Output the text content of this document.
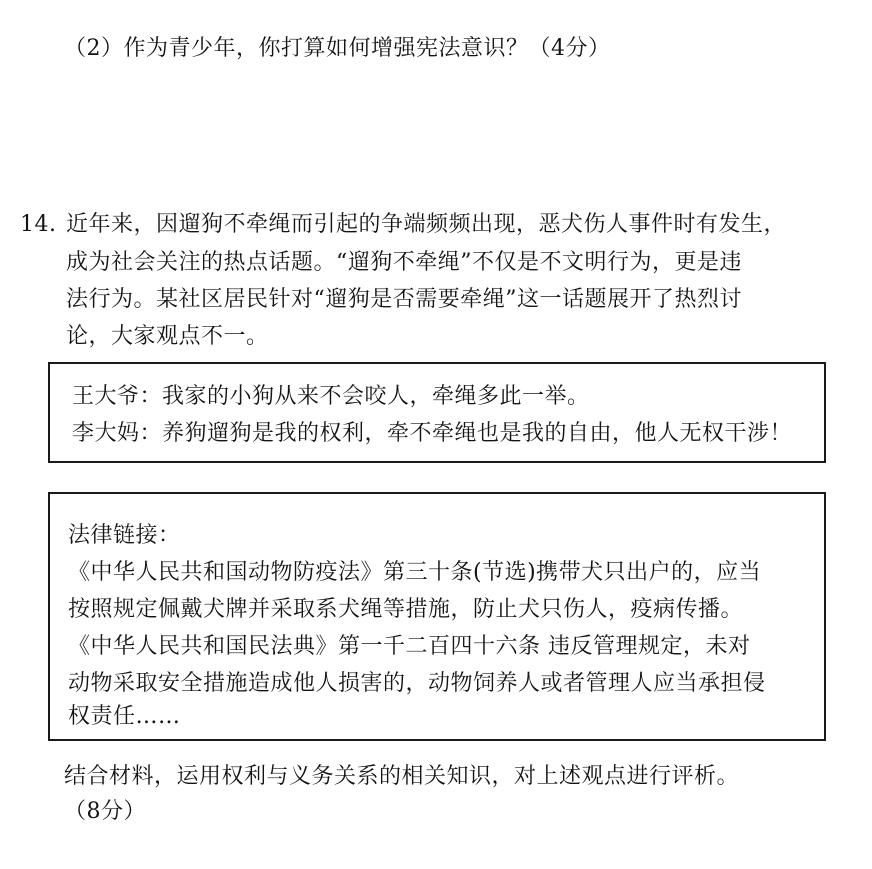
（2）作为青少年，你打算如何增强宪法意识？（4分）
14. 近年来，因遛狗不牵绳而引起的争端频频出现，恶犬伤人事件时有发生，
成为社会关注的热点话题。“遛狗不牵绳”不仅是不文明行为，更是违
法行为。某社区居民针对“遛狗是否需要牵绳”这一话题展开了热烈讨
论，大家观点不一。
王大爷：我家的小狗从来不会咬人，牵绳多此一举。
李大妈：养狗遛狗是我的权利，牵不牵绳也是我的自由，他人无权干涉！
法律链接：
《中华人民共和国动物防疫法》第三十条(节选)携带犬只出户的，应当
按照规定佩戴犬牌并采取系犬绳等措施，防止犬只伤人，疫病传播。
《中华人民共和国民法典》第一千二百四十六条 违反管理规定，未对
动物采取安全措施造成他人损害的，动物饲养人或者管理人应当承担侵
权责任……
结合材料，运用权利与义务关系的相关知识，对上述观点进行评析。
（8分）
